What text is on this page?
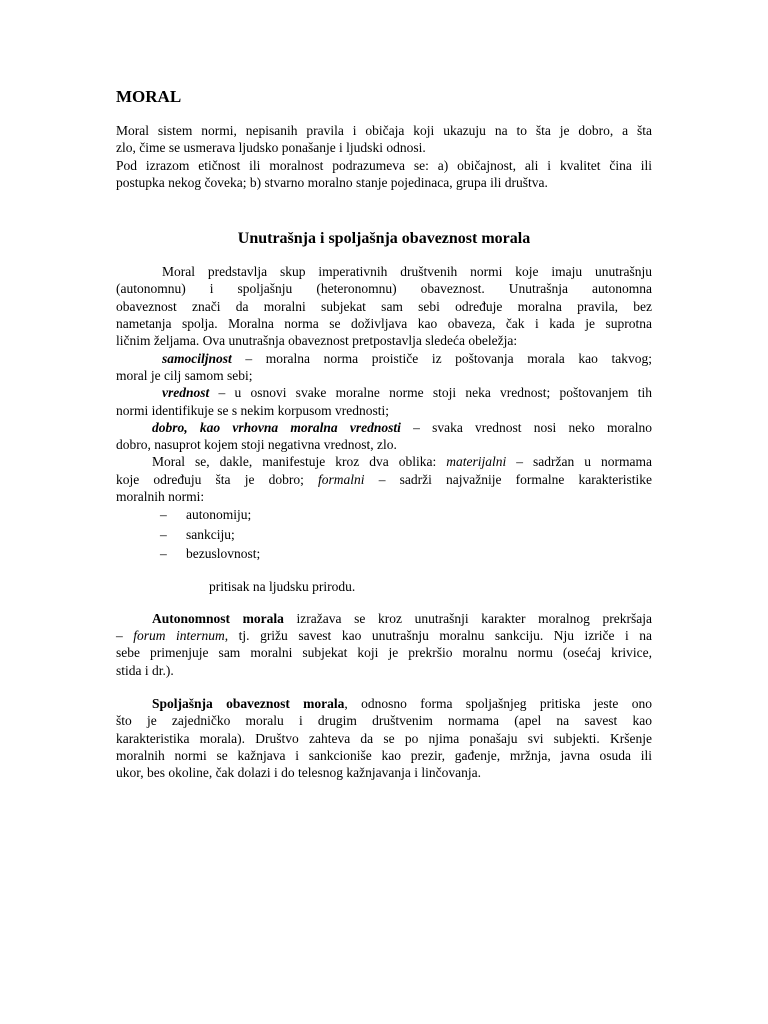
MORAL

Moral sistem normi, nepisanih pravila i običaja koji ukazuju na to šta je dobro, a šta

zlo, čime se usmerava ljudsko ponašanje i ljudski odnosi.

Pod izrazom etičnost ili moralnost podrazumeva se: a) običajnost, ali i kvalitet čina ili

postupka nekog čoveka; b) stvarno moralno stanje pojedinaca, grupa ili društva.

Unutrašnja i spoljašnja obaveznost morala

Moral predstavlja skup imperativnih društvenih normi koje imaju unutrašnju

(autonomnu) i spoljašnju (heteronomnu) obaveznost. Unutrašnja autonomna

obaveznost znači da moralni subjekat sam sebi određuje moralna pravila, bez

nametanja spolja. Moralna norma se doživljava kao obaveza, čak i kada je suprotna

ličnim željama. Ova unutrašnja obaveznost pretpostavlja sledeća obeležja:

samociljnost – moralna norma proističe iz poštovanja morala kao takvog;

moral je cilj samom sebi;

vrednost – u osnovi svake moralne norme stoji neka vrednost; poštovanjem tih

normi identifikuje se s nekim korpusom vrednosti;

dobro, kao vrhovna moralna vrednosti – svaka vrednost nosi neko moralno

dobro, nasuprot kojem stoji negativna vrednost, zlo.

Moral se, dakle, manifestuje kroz dva oblika: materijalni – sadržan u normama

koje određuju šta je dobro; formalni – sadrži najvažnije formalne karakteristike

moralnih normi:

–	autonomiju;
–	sankciju;
–	bezuslovnost;

pritisak na ljudsku prirodu.

Autonomnost morala izražava se kroz unutrašnji karakter moralnog prekršaja

– forum internum, tj. grižu savest kao unutrašnju moralnu sankciju. Nju izriče i na

sebe primenjuje sam moralni subjekat koji je prekršio moralnu normu (osećaj krivice,

stida i dr.).

Spoljašnja obaveznost morala, odnosno forma spoljašnjeg pritiska jeste ono

što je zajedničko moralu i drugim društvenim normama (apel na savest kao

karakteristika morala). Društvo zahteva da se po njima ponašaju svi subjekti. Kršenje

moralnih normi se kažnjava i sankcioniše kao prezir, gađenje, mržnja, javna osuda ili

ukor, bes okoline, čak dolazi i do telesnog kažnjavanja i linčovanja.
